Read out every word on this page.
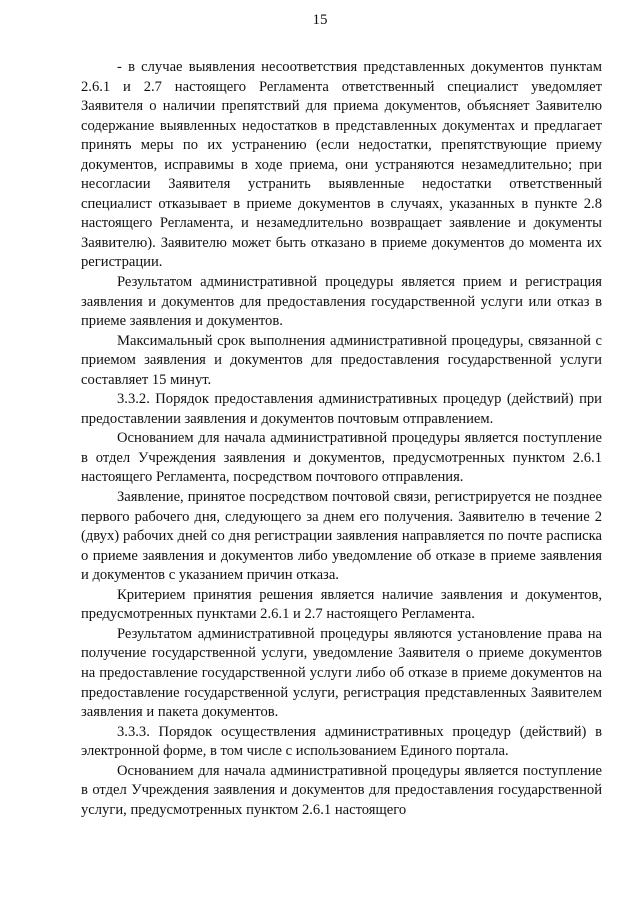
15

- в случае выявления несоответствия представленных документов пунктам 2.6.1 и 2.7 настоящего Регламента ответственный специалист уведомляет Заявителя о наличии препятствий для приема документов, объясняет Заявителю содержание выявленных недостатков в представленных документах и предлагает принять меры по их устранению (если недостатки, препятствующие приему документов, исправимы в ходе приема, они устраняются незамедлительно; при несогласии Заявителя устранить выявленные недостатки ответственный специалист отказывает в приеме документов в случаях, указанных в пункте 2.8 настоящего Регламента, и незамедлительно возвращает заявление и документы Заявителю). Заявителю может быть отказано в приеме документов до момента их регистрации.

Результатом административной процедуры является прием и регистрация заявления и документов для предоставления государственной услуги или отказ в приеме заявления и документов.

Максимальный срок выполнения административной процедуры, связанной с приемом заявления и документов для предоставления государственной услуги составляет 15 минут.

3.3.2. Порядок предоставления административных процедур (действий) при предоставлении заявления и документов почтовым отправлением.

Основанием для начала административной процедуры является поступление в отдел Учреждения заявления и документов, предусмотренных пунктом 2.6.1 настоящего Регламента, посредством почтового отправления.

Заявление, принятое посредством почтовой связи, регистрируется не позднее первого рабочего дня, следующего за днем его получения. Заявителю в течение 2 (двух) рабочих дней со дня регистрации заявления направляется по почте расписка о приеме заявления и документов либо уведомление об отказе в приеме заявления и документов с указанием причин отказа.

Критерием принятия решения является наличие заявления и документов, предусмотренных пунктами 2.6.1 и 2.7 настоящего Регламента.

Результатом административной процедуры являются установление права на получение государственной услуги, уведомление Заявителя о приеме документов на предоставление государственной услуги либо об отказе в приеме документов на предоставление государственной услуги, регистрация представленных Заявителем заявления и пакета документов.

3.3.3. Порядок осуществления административных процедур (действий) в электронной форме, в том числе с использованием Единого портала.

Основанием для начала административной процедуры является поступление в отдел Учреждения заявления и документов для предоставления государственной услуги, предусмотренных пунктом 2.6.1 настоящего
